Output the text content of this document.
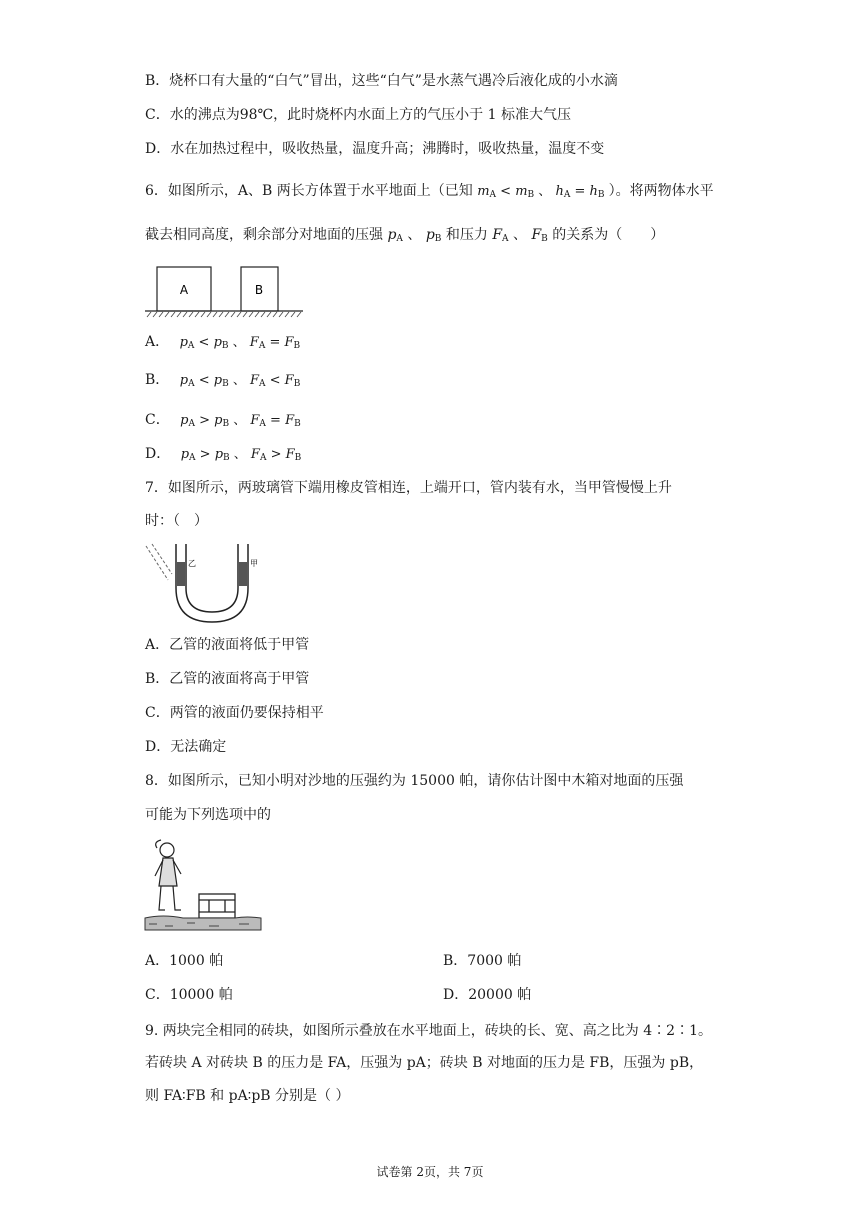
B．烧杯口有大量的“白气”冒出，这些“白气”是水蒸气遇冷后液化成的小水滴
C．水的沸点为98℃，此时烧杯内水面上方的气压小于 1 标准大气压
D．水在加热过程中，吸收热量，温度升高；沸腾时，吸收热量，温度不变
6．如图所示，A、B 两长方体置于水平地面上（已知 $m_A < m_B$ 、 $h_A = h_B$ ）。将两物体水平
截去相同高度，剩余部分对地面的压强 $p_A$ 、 $p_B$ 和压力 $F_A$ 、 $F_B$ 的关系为（　　）
A	B
A． $p_A < p_B$ 、 $F_A = F_B$
B． $p_A < p_B$ 、 $F_A < F_B$
C． $p_A > p_B$ 、 $F_A = F_B$
D． $p_A > p_B$ 、 $F_A > F_B$
7．如图所示，两玻璃管下端用橡皮管相连，上端开口，管内装有水，当甲管慢慢上升
时：（　）
乙	甲
A．乙管的液面将低于甲管
B．乙管的液面将高于甲管
C．两管的液面仍要保持相平
D．无法确定
8．如图所示，已知小明对沙地的压强约为 15000 帕，请你估计图中木箱对地面的压强
可能为下列选项中的
A．1000 帕	B．7000 帕
C．10000 帕	D．20000 帕
9. 两块完全相同的砖块，如图所示叠放在水平地面上，砖块的长、宽、高之比为 4∶2∶1。
若砖块 A 对砖块 B 的压力是 FA，压强为 pA；砖块 B 对地面的压力是 FB，压强为 pB，
则 FA∶FB 和 pA∶pB 分别是（ ）
试卷第 2页，共 7页
